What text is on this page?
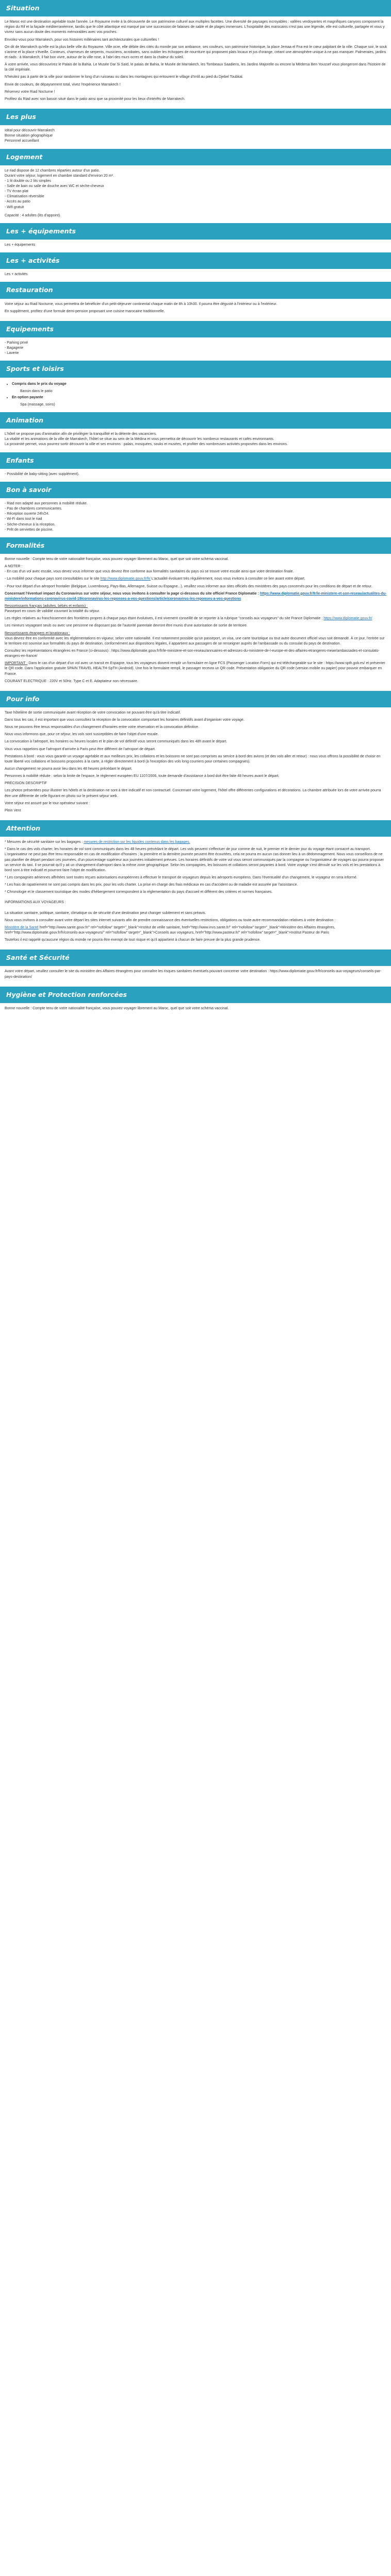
Situation

Le Maroc est une destination agréable toute l'année. Le Royaume invite à la découverte de son patrimoine culturel aux multiples facettes. Une diversité de paysages incroyables : vallées verdoyantes et magnifiques canyons composent la région du Rif et la façade méditerranéenne, tandis que le côté atlantique est marqué par une succession de falaises de sable et de plages immenses. L'hospitalité des marocains n'est pas une légende, elle est culturelle, partagée et vous y vivrez sans aucun doute des moments mémorables avec vos proches.

Envolez-vous pour Marrakech, pour vos histoires millénaires tant architecturales que culturelles !

On dit de Marrakech qu'elle est la plus belle ville du Royaume. Ville ocre, elle débite des cités du monde par son ambiance, ses couleurs, son patrimoine historique, la place Jemaa el Fna est le cœur palpitant de la ville. Chaque soir, le souk s'anime et la place s'éveille. Conteurs, charmeurs de serpents, musiciens, acrobates, sans oublier les échoppes de nourriture qui proposent plats locaux et jus d'orange, créant une atmosphère unique à ne pas manquer. Palmeraies, jardins et riads : à Marrakech, il fait bon vivre, autour de la ville rose, à l'abri des murs ocres et dans la chaleur du soleil.

À votre arrivée, vous découvrirez le Palais de la Bahia. Le Musée Dar Si Saïd, le palais de Bahia, le Musée de Marrakech, les Tombeaux Saadiens, les Jardins Majorelle ou encore la Médersa Ben Youssef vous plongeront dans l'histoire de la cité impériale.

N'hésitez pas à partir de la ville pour randonner le long d'un ruisseau ou dans les montagnes qui entourent le village d'Imlil au pied du Djebel Toubkal.

Envie de couleurs, de dépaysement total, vivez l'expérience Marrakech !

Réservez votre Riad Nocturne !

Profitez du Riad avec son bassin situé dans le patio ainsi que sa proximité pour les lieux d'intérêts de Marrakech.

Les plus
Idéal pour découvrir Marrakech
Bonne situation géographique
Personnel accueillant
Logement
Le riad dispose de 12 chambres réparties autour d'un patio.
Durant votre séjour, logement en chambre standard d'environ 20 m².
- 1 lit double ou 2 lits simples
- Salle de bain ou salle de douche avec WC et sèche-cheveux
- TV écran plat
- Climatisation réversible
- Accès au patio
- Wifi gratuit
Capacité : 4 adultes (lits d'appoint).
Les + équipements
Les + équipements
Les + activités
Les + activités
Restauration

Votre séjour au Riad Nocturne, vous permettra de bénéficier d'un petit-déjeuner continental chaque matin de 8h à 10h30. Il pourra être dégusté à l'intérieur ou à l'extérieur.

En supplément, profitez d'une formule demi-pension proposant une cuisine marocaine traditionnelle.

Equipements
- Parking privé
- Bagagerie
- Laverie
Sports et loisirs
• Compris dans le prix du voyage
Bassin dans le patio
• En option payante
Spa (massage, soins)
Animation
L'hôtel se propose pas d'animation afin de privilégier la tranquillité et la détente des vacanciers.
La vitalité et les animations de la ville de Marrakech, l'hôtel se situe au sein de la Médina et vous permettra de découvrir les nombreux restaurants et cafés environnants.
La proximité permet, vous pourrez sortir découvrir la ville et ses environs : palais, mosquées, souks et musées, et profiter des nombreuses activités proposées dans les environs.
Enfants
- Possibilité de baby-sitting (avec supplément).
Bon à savoir
- Riad non adapté aux personnes à mobilité réduite.
- Pas de chambres communicantes.
- Réception ouverte 24h/24.
- Wi-Fi dans tout le riad
- Sèche-cheveux à la réception.
- Prêt de serviettes de piscine.
Formalités

Bonne nouvelle : Compte tenu de votre nationalité française, vous pouvez voyager librement au Maroc, quel que soit votre schéma vaccinal.

A NOTER :

- En cas d'un vol avec escale, vous devez vous informer que vous devrez être conforme aux formalités sanitaires du pays où se trouve votre escale ainsi que votre destination finale.

- La mobilité pour chaque pays sont consultables sur le site http://www.diplomatie.gouv.fr/fr/ L'actualité évoluant très régulièrement, nous vous invitons à consulter ce lien avant votre départ.

- Pour tout départ d'un aéroport frontalier (Belgique, Luxembourg, Pays-Bas, Allemagne, Suisse ou Espagne...), veuillez vous informer aux sites officiels des ministères des pays concernés pour les conditions de départ et de retour.

Concernant l'éventuel impact du Coronavirus sur votre séjour, nous vous invitons à consulter la page ci-dessous du site officiel France Diplomatie : https://www.diplomatie.gouv.fr/fr/le-ministere-et-son-reseau/actualites-du-ministere/informations-coronavirus-covid-19/coronavirus-les-reponses-a-vos-questions/article/coronavirus-les-reponses-a-vos-questions

Ressortissants français (adultes, bébés et enfants) :

Passeport en cours de validité couvrant la totalité du séjour.

Les règles relatives au franchissement des frontières propres à chaque pays étant évolutives, il est vivement conseillé de se reporter à la rubrique "conseils aux voyageurs" du site France Diplomatie : https://www.diplomatie.gouv.fr/

Les mineurs voyageant seuls ou avec une personne ne disposant pas de l'autorité parentale devront être munis d'une autorisation de sortie de territoire.

Ressortissants étrangers et binationaux :

Vous devrez être en conformité avec les réglementations en vigueur, selon votre nationalité. Il est notamment possible qu'un passeport, un visa, une carte touristique ou tout autre document officiel vous soit demandé. À ce jour, l'entrée sur le territoire est soumise aux formalités du pays de destination, conformément aux dispositions légales, il appartient aux passagers de se renseigner auprès de l'ambassade ou du consulat du pays de destination.

Consultez les représentations étrangères en France (ci-dessous) : https://www.diplomatie.gouv.fr/fr/le-ministere-et-son-reseau/annuaires-et-adresses-du-ministere-de-l-europe-et-des-affaires-etrangeres-meae/ambassades-et-consulats-etrangers-en-france/

IMPORTANT : Dans le cas d'un départ d'un vol avec un transit en Espagne, tous les voyageurs doivent remplir un formulaire en ligne FCS (Passenger Location Form) qui est téléchargeable sur le site : https://www.spth.gob.es/ et présenter le QR code. Dans l'application gratuite SPAIN TRAVEL HEALTH-SpTH (Android). Une fois le formulaire rempli, le passager recevra un QR code. Présentation obligatoire du QR code (version mobile ou papier) pour pouvoir embarquer en France.

COURANT ELECTRIQUE : 220V et 50Hz. Type C et E. Adaptateur non nécessaire.

Pour info

Taxe hôtelière de sortie communiquée avant réception de votre convocation ne pouvant être qu'à titre indicatif.

Dans tous les cas, il est important que vous consultiez la réception de la convocation comportant les horaires définitifs avant d'organiser votre voyage.

Nous ne pouvons être tenus responsables d'un changement d'horaires entre votre réservation et la convocation définitive.

Nous vous informons que, pour ce séjour, les vols sont susceptibles de faire l'objet d'une escale.

La convocation à l'aéroport, les horaires ou heures locales et le plan de vol définitif vous seront communiqués dans les 48h avant le départ.

Vous vous rappelons que l'aéroport d'arrivée à Paris peut être différent de l'aéroport de départ.

Prestations à bord : vous vous garantir un voyage agréable et aux meilleurs prix, les collations et les boissons ne sont pas comprises au service à bord des avions (et des vols aller et retour) : nous vous offrons la possibilité de choisir en toute liberté vos collations et boissons proposées à la carte, à régler directement à bord (à l'exception des vols long courriers pour certaines compagnies).

Aucun changement ne pourra avoir lieu dans les 48 heures précédant le départ.

Personnes à mobilité réduite : selon la limite de l'espace, le règlement européen EU 1107/2006, toute demande d'assistance à bord doit être faite 48 heures avant le départ.

PRÉCISION DESCRIPTIF

Les photos présentées pour illustrer les hôtels et la destination ne sont à titre indicatif et non contractuel. Concernant votre logement, l'hôtel offre différentes configurations et décorations. La chambre attribuée lors de votre arrivée pourra être une différente de celle figurant en photo sur le présent séjour web.

Votre séjour est assuré par le tour opérateur suivant :

Plein Vent

Attention

* Mesures de sécurité sanitaire sur les bagages : mesures de restriction sur les liquides contenus dans les bagages.

* Dans le cas des vols charter, les horaires de vol sont communiqués dans les 48 heures précédant le départ. Les vols peuvent s'effectuer de jour comme de nuit, le premier et le dernier jour du voyage étant consacré au transport. L'organisateur ne peut pas être tenu responsable en cas de modification d'horaires ; la première et la dernière journée peuvent être écourtées, cela ne pourra en aucun cas donner lieu à un dédommagement. Nous vous conseillons de ne pas planifier de départ pendant ces journées, d'un pourcentage supérieur aux journées initialement prévues. Les horaires définitifs de votre vol vous seront communiqués par la compagnie ou l'organisateur de voyages qui pourra proposer un service du taxi. Il se pourrait qu'il y ait un changement d'aéroport dans la même zone géographique. Selon les compagnies, les boissons et collations seront payantes à bord. Votre voyage s'est déroulé sur les vols et les prestations à bord sont à titre indicatif et pourront faire l'objet de modification.

* Les compagnies aériennes affrétées sont toutes reçues autorisations européennes à effectuer le transport de voyageurs depuis les aéroports européens. Dans l'éventualité d'un changement, le voyageur en sera informé.

* Les frais de rapatriement ne sont pas compris dans les prix, pour les vols charter. La prise en charge des frais médicaux en cas d'accident ou de maladie est assurée par l'assistance.

* Chronologie et le classement touristique des modes d'hébergement correspondent à la réglementation du pays d'accueil et différent des critères et normes françaises.

INFORMATIONS AUX VOYAGEURS :

La situation sanitaire, politique, sanitaire, climatique ou de sécurité d'une destination peut changer subitement et sans préavis.

Nous vous invitons à consulter avant votre départ les sites internet suivants afin de prendre connaissance des éventuelles restrictions, obligations ou toute autre recommandation relatives à votre destination :

Ministère de la Santé href="http://www.sante.gouv.fr/" rel="nofollow" target="_blank">Institut de veille sanitaire, href="http://www.invs.sante.fr/" rel="nofollow" target="_blank">Ministère des Affaires étrangères, href="http://www.diplomatie.gouv.fr/fr/conseils-aux-voyageurs/" rel="nofollow" target="_blank">Conseils aux voyageurs, href="http://www.pasteur.fr/" rel="nofollow" target="_blank">Institut Pasteur de Paris

Toutefois il est rappelé qu'aucune région du monde ne pourra être exempt de tout risque et qu'il appartient à chacun de faire preuve de la plus grande prudence.

Santé et Sécurité

Avant votre départ, veuillez consulter le site du ministère des Affaires étrangères pour connaître les risques sanitaires éventuels pouvant concerner votre destination : https://www.diplomatie.gouv.fr/fr/conseils-aux-voyageurs/conseils-par-pays-destination/

Hygiène et Protection renforcées

Bonne nouvelle : Compte tenu de votre nationalité française, vous pouvez voyager librement au Maroc, quel que soit votre schéma vaccinal.
